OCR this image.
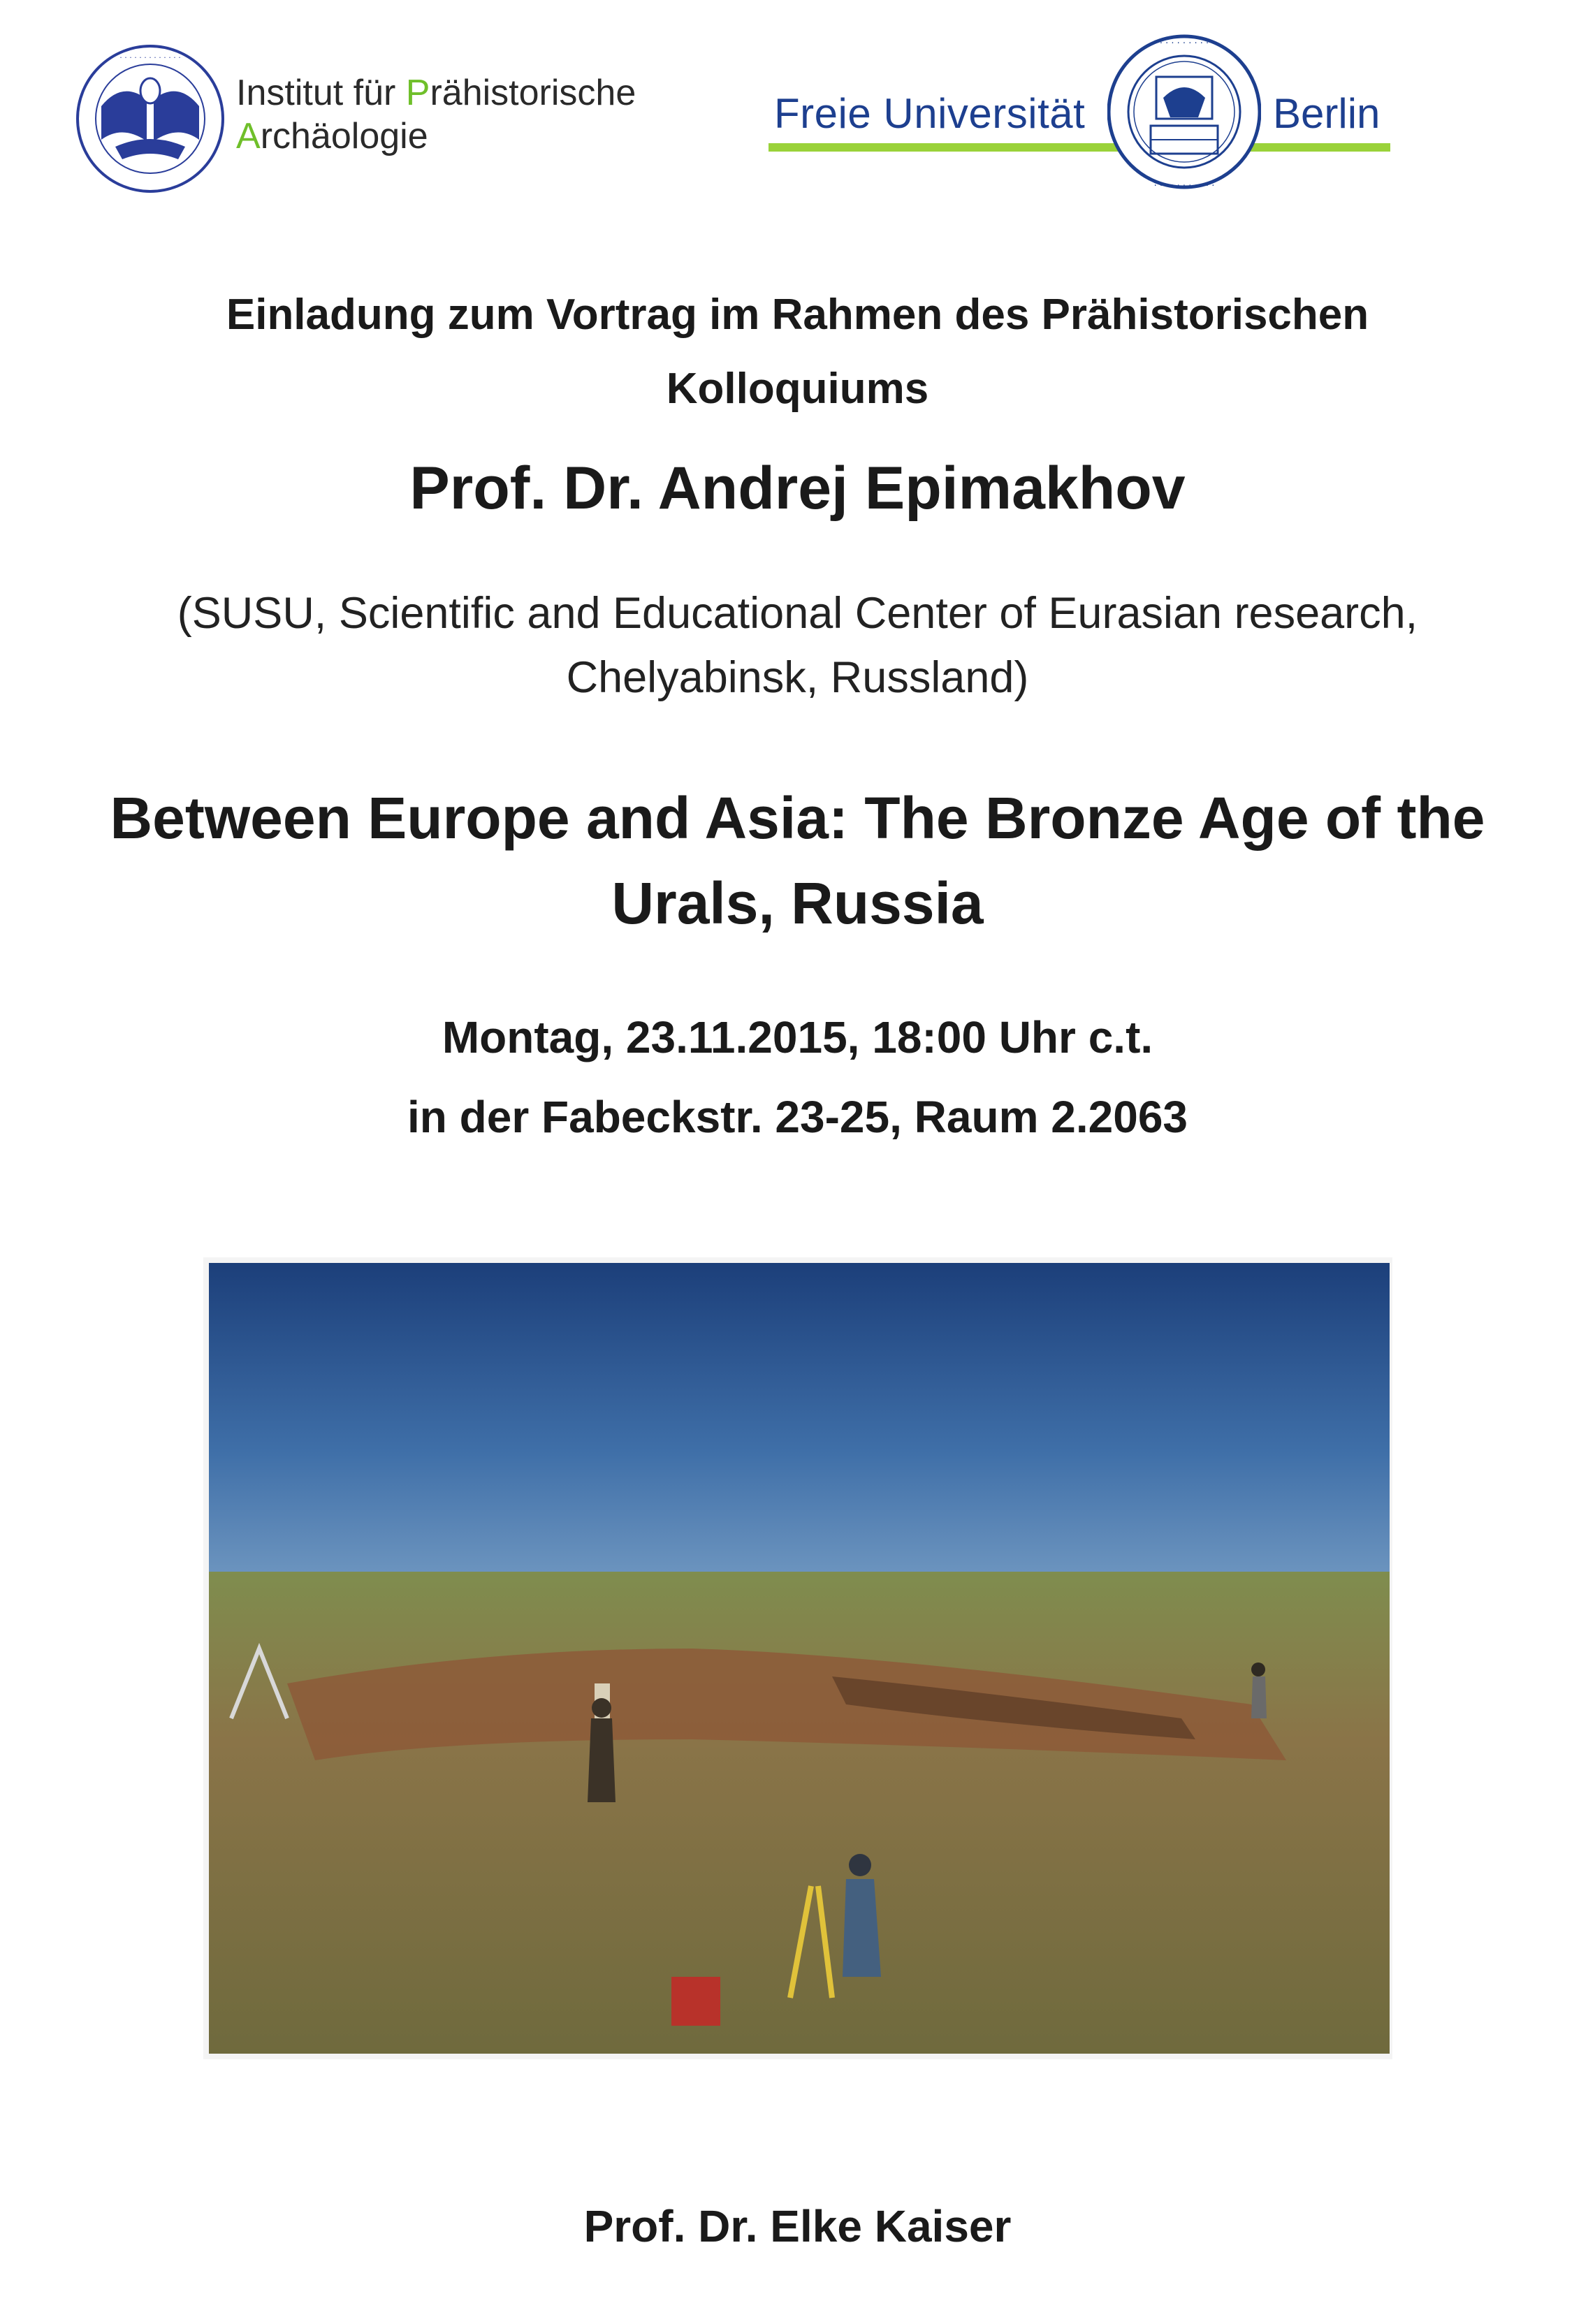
· · · · · · · · · · · · ·
Institut für Prähistorische
Archäologie	Freie Universität	Berlin
· · · · · · · · · · ·
· · · · · · · · · · ·
Einladung zum Vortrag im Rahmen des Prähistorischen
Kolloquiums
Prof. Dr. Andrej Epimakhov
(SUSU, Scientific and Educational Center of Eurasian research,
Chelyabinsk, Russland)
Between Europe and Asia: The Bronze Age of the
Urals, Russia
Montag, 23.11.2015, 18:00 Uhr c.t.
in der Fabeckstr. 23-25, Raum 2.2063
Prof. Dr. Elke Kaiser
